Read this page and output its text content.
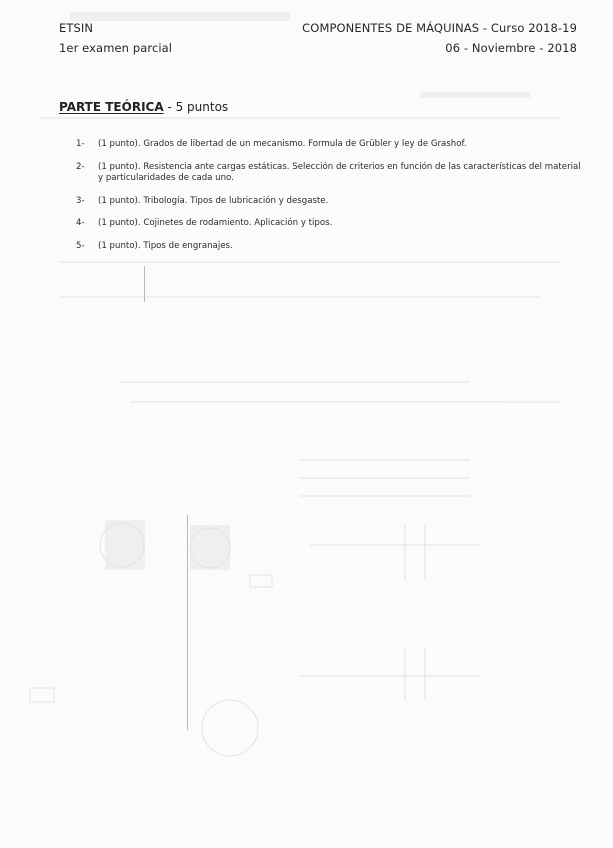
ETSIN
1er examen parcial
COMPONENTES DE MÁQUINAS - Curso 2018-19
06 - Noviembre - 2018
PARTE TEÓRICA - 5 puntos
1-	(1 punto). Grados de libertad de un mecanismo. Formula de Grübler y ley de Grashof.
2-	(1 punto). Resistencia ante cargas estáticas. Selección de criterios en función de las características del material y particularidades de cada uno.
3-	(1 punto). Tribología. Tipos de lubricación y desgaste.
4-	(1 punto). Cojinetes de rodamiento. Aplicación y tipos.
5-	(1 punto). Tipos de engranajes.
